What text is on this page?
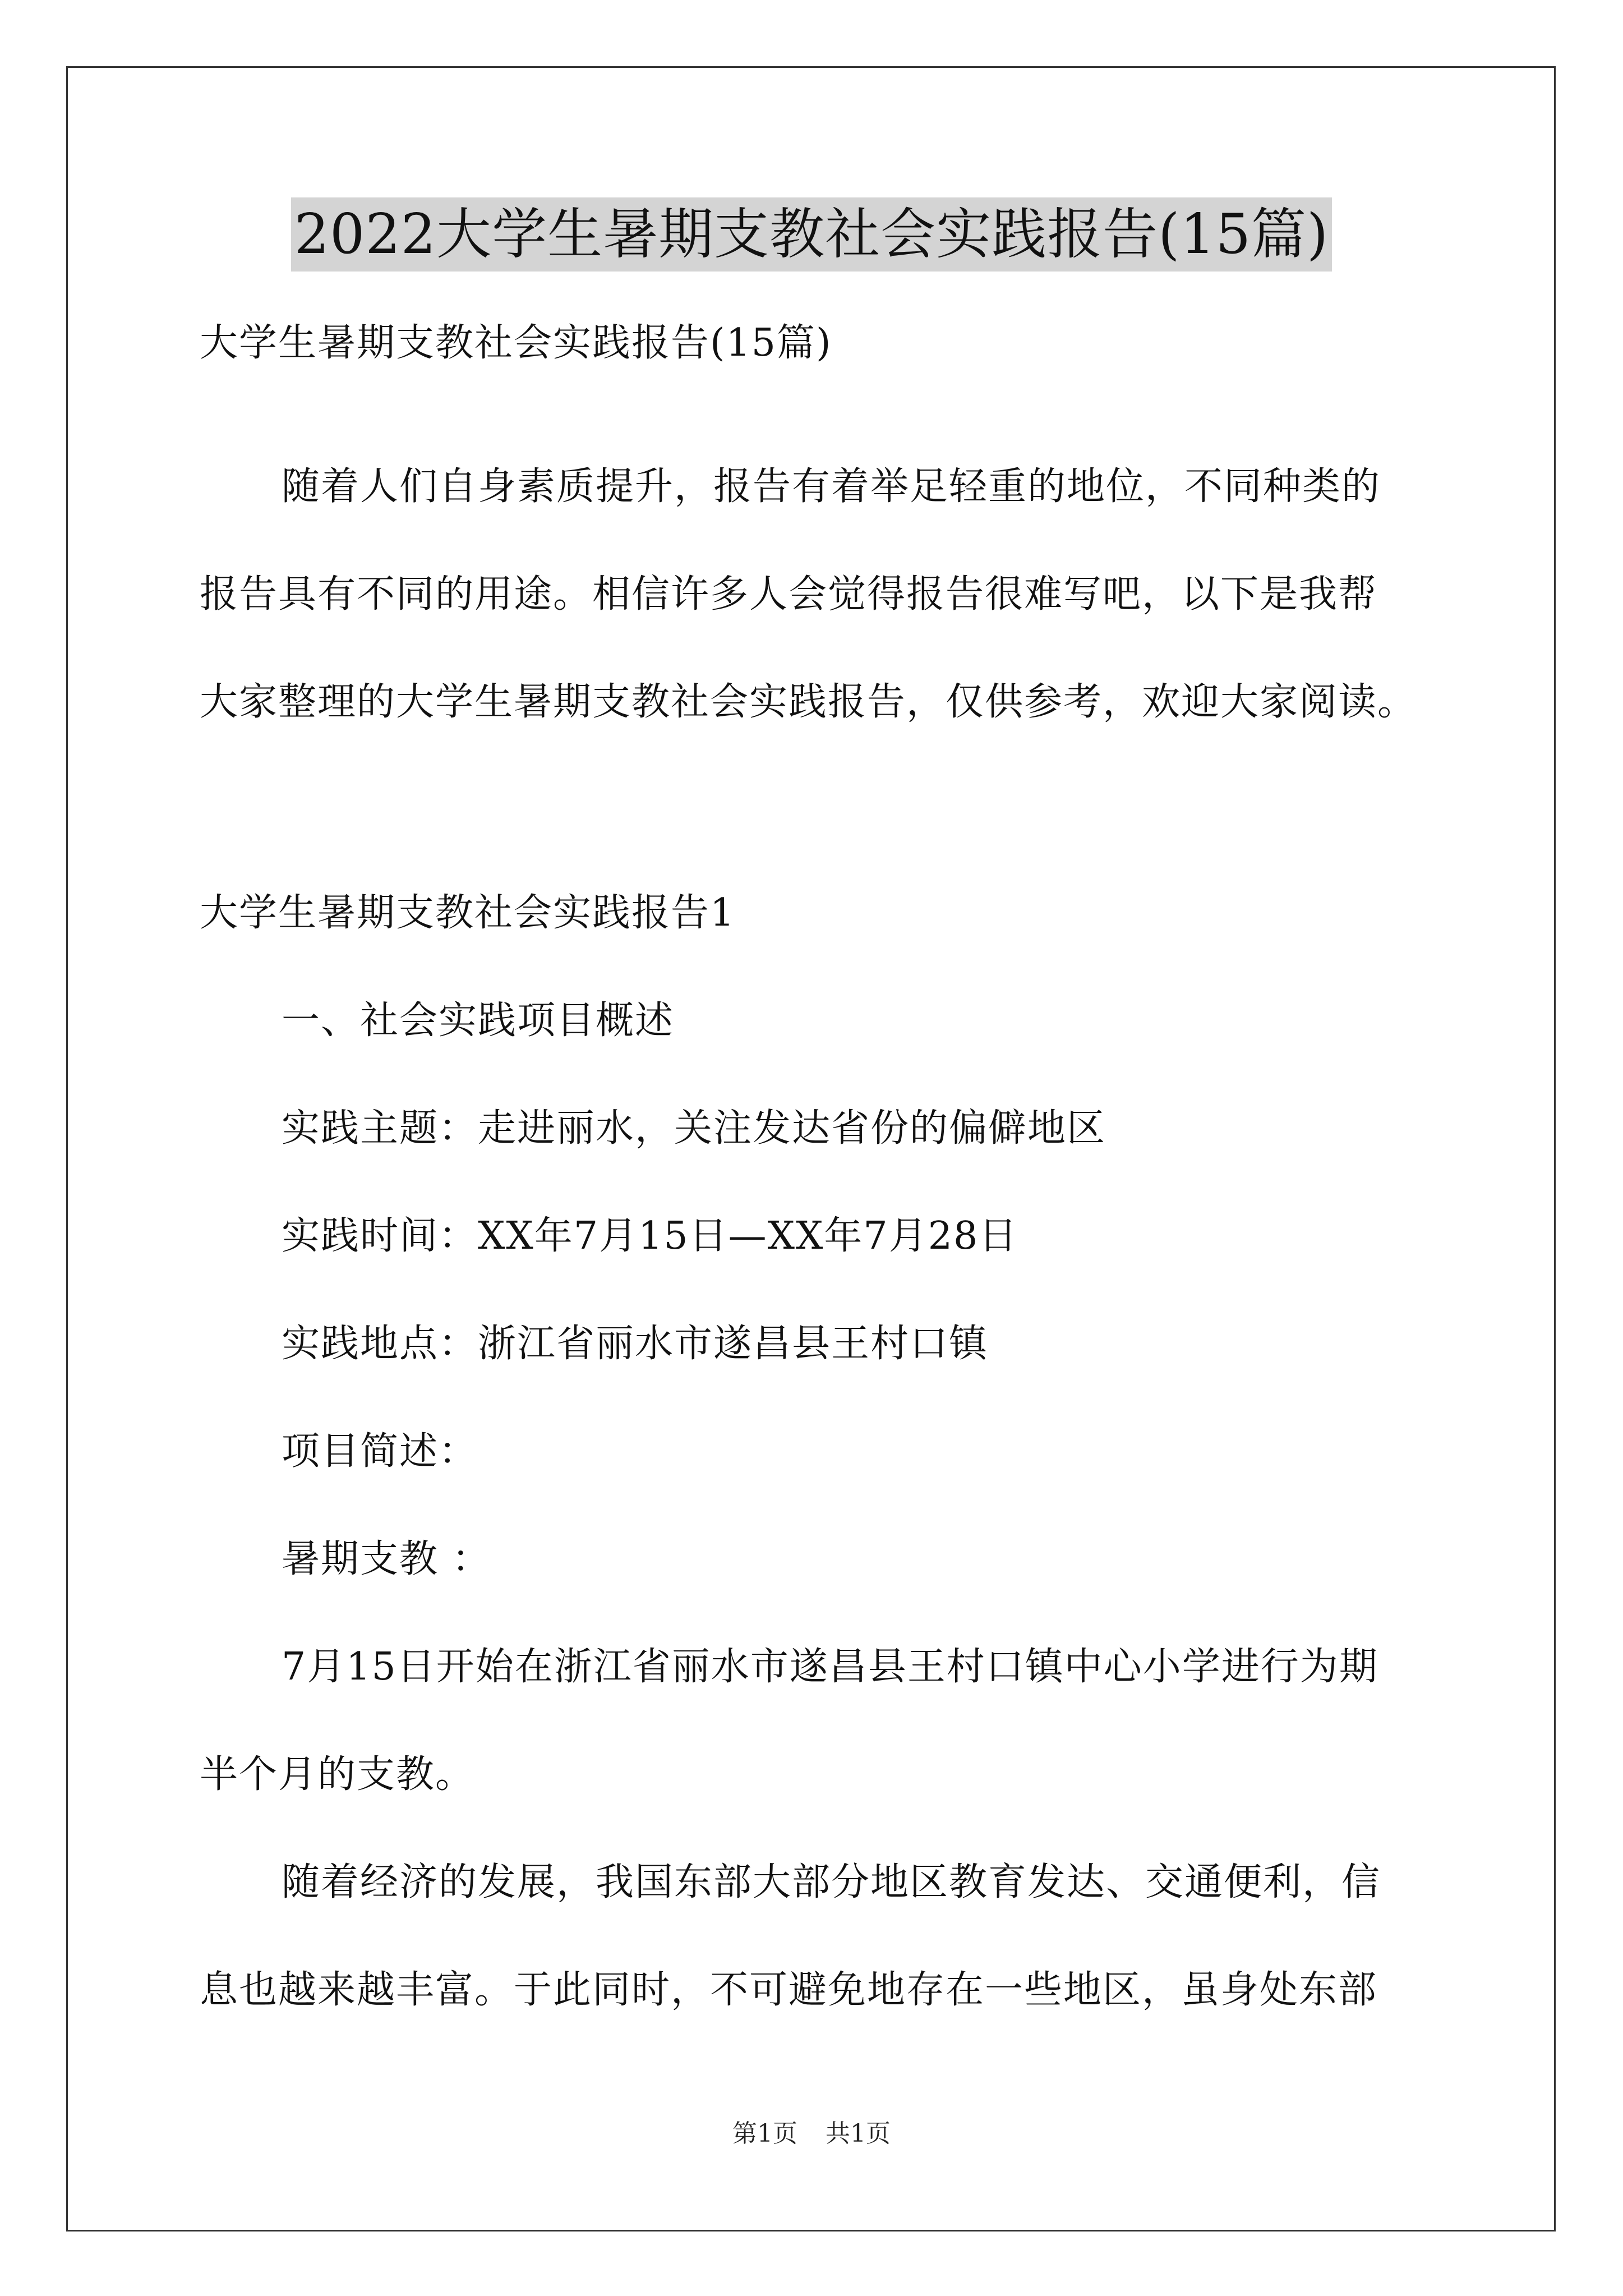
2022大学生暑期支教社会实践报告(15篇)
大学生暑期支教社会实践报告(15篇)
随着人们自身素质提升，报告有着举足轻重的地位，不同种类的
报告具有不同的用途。相信许多人会觉得报告很难写吧，以下是我帮
大家整理的大学生暑期支教社会实践报告，仅供参考，欢迎大家阅读。
大学生暑期支教社会实践报告1
一、社会实践项目概述
实践主题：走进丽水，关注发达省份的偏僻地区
实践时间：XX年7月15日—XX年7月28日
实践地点：浙江省丽水市遂昌县王村口镇
项目简述：
暑期支教 ：
7月15日开始在浙江省丽水市遂昌县王村口镇中心小学进行为期
半个月的支教。
随着经济的发展，我国东部大部分地区教育发达、交通便利，信
息也越来越丰富。于此同时，不可避免地存在一些地区，虽身处东部
第1页 共1页
